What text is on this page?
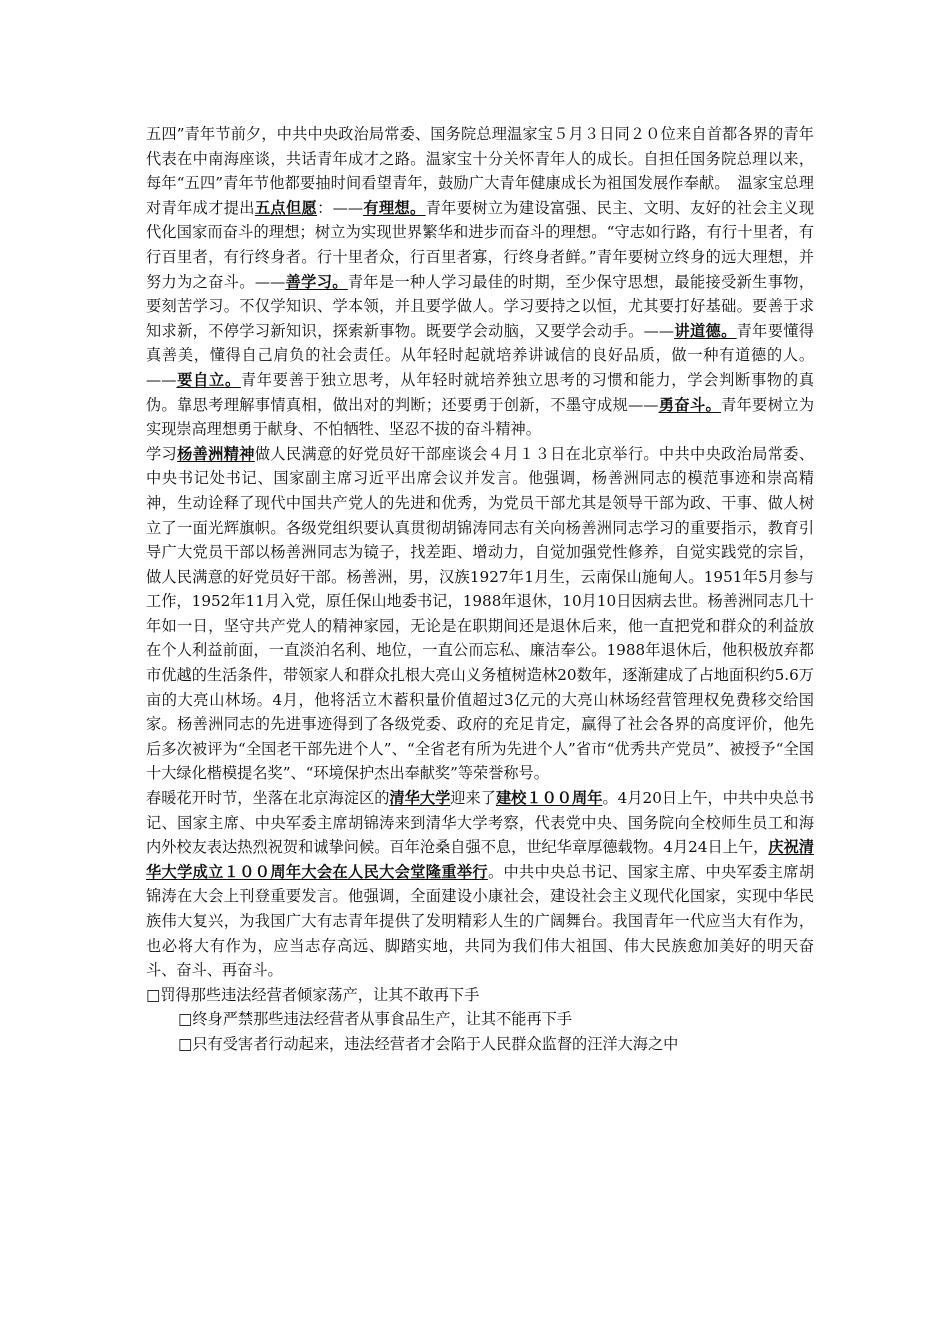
五四”青年节前夕，中共中央政治局常委、国务院总理温家宝５月３日同２０位来自首都各界的青年代表在中南海座谈，共话青年成才之路。温家宝十分关怀青年人的成长。自担任国务院总理以来，每年“五四”青年节他都要抽时间看望青年，鼓励广大青年健康成长为祖国发展作奉献。　温家宝总理对青年成才提出五点但愿：——有理想。青年要树立为建设富强、民主、文明、友好的社会主义现代化国家而奋斗的理想；树立为实现世界繁华和进步而奋斗的理想。“守志如行路，有行十里者，有行百里者，有行终身者。行十里者众，行百里者寡，行终身者鲜。”青年要树立终身的远大理想，并努力为之奋斗。——善学习。青年是一种人学习最佳的时期，至少保守思想，最能接受新生事物，要刻苦学习。不仅学知识、学本领，并且要学做人。学习要持之以恒，尤其要打好基础。要善于求知求新，不停学习新知识，探索新事物。既要学会动脑，又要学会动手。——讲道德。青年要懂得真善美，懂得自己肩负的社会责任。从年轻时起就培养讲诚信的良好品质，做一种有道德的人。——要自立。青年要善于独立思考，从年轻时就培养独立思考的习惯和能力，学会判断事物的真伪。靠思考理解事情真相，做出对的判断；还要勇于创新，不墨守成规——勇奋斗。青年要树立为实现崇高理想勇于献身、不怕牺牲、坚忍不拔的奋斗精神。

学习杨善洲精神做人民满意的好党员好干部座谈会４月１３日在北京举行。中共中央政治局常委、中央书记处书记、国家副主席习近平出席会议并发言。他强调，杨善洲同志的模范事迹和崇高精神，生动诠释了现代中国共产党人的先进和优秀，为党员干部尤其是领导干部为政、干事、做人树立了一面光辉旗帜。各级党组织要认真贯彻胡锦涛同志有关向杨善洲同志学习的重要指示，教育引导广大党员干部以杨善洲同志为镜子，找差距、增动力，自觉加强党性修养，自觉实践党的宗旨，做人民满意的好党员好干部。杨善洲，男，汉族1927年1月生，云南保山施甸人。1951年5月参与工作，1952年11月入党，原任保山地委书记，1988年退休，10月10日因病去世。杨善洲同志几十年如一日，坚守共产党人的精神家园，无论是在职期间还是退休后来，他一直把党和群众的利益放在个人利益前面，一直淡泊名利、地位，一直公而忘私、廉洁奉公。1988年退休后，他积极放弃都市优越的生活条件，带领家人和群众扎根大亮山义务植树造林20数年，逐渐建成了占地面积约5.6万亩的大亮山林场。4月，他将活立木蓄积量价值超过3亿元的大亮山林场经营管理权免费移交给国家。杨善洲同志的先进事迹得到了各级党委、政府的充足肯定，赢得了社会各界的高度评价，他先后多次被评为“全国老干部先进个人”、“全省老有所为先进个人”省市“优秀共产党员”、被授予“全国十大绿化楷模提名奖”、“环境保护杰出奉献奖”等荣誉称号。

春暖花开时节，坐落在北京海淀区的清华大学迎来了建校１００周年。4月20日上午，中共中央总书记、国家主席、中央军委主席胡锦涛来到清华大学考察，代表党中央、国务院向全校师生员工和海内外校友表达热烈祝贺和诚挚问候。百年沧桑自强不息，世纪华章厚德载物。4月24日上午，庆祝清华大学成立１００周年大会在人民大会堂隆重举行。中共中央总书记、国家主席、中央军委主席胡锦涛在大会上刊登重要发言。他强调，全面建设小康社会，建设社会主义现代化国家，实现中华民族伟大复兴，为我国广大有志青年提供了发明精彩人生的广阔舞台。我国青年一代应当大有作为，也必将大有作为，应当志存高远、脚踏实地，共同为我们伟大祖国、伟大民族愈加美好的明天奋斗、奋斗、再奋斗。

□罚得那些违法经营者倾家荡产，让其不敢再下手

□终身严禁那些违法经营者从事食品生产，让其不能再下手

□只有受害者行动起来，违法经营者才会陷于人民群众监督的汪洋大海之中
